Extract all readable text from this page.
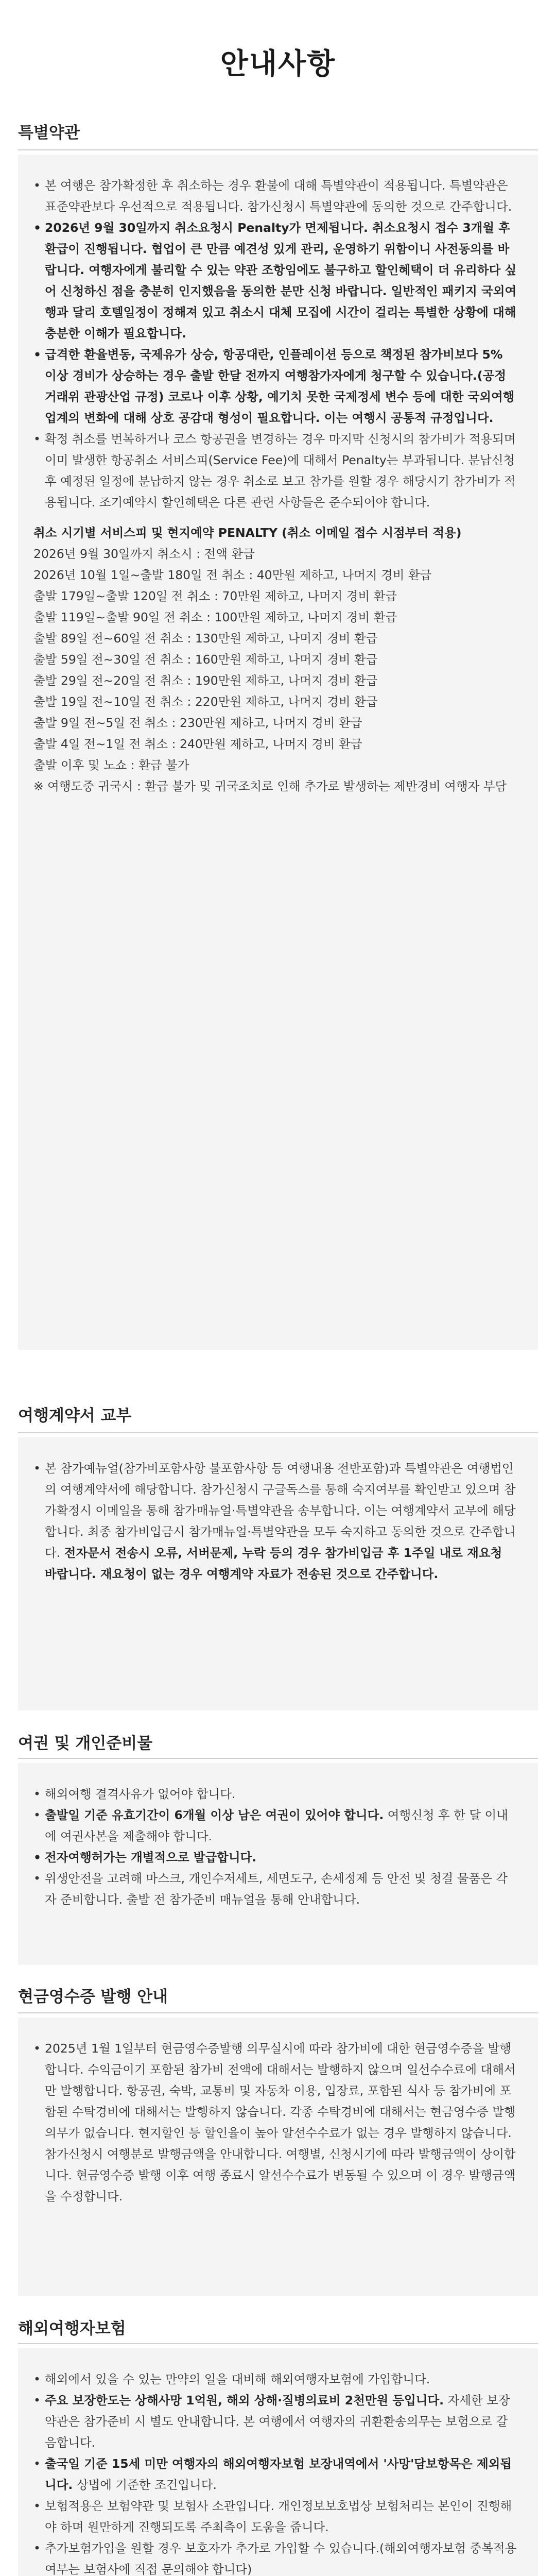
안내사항
특별약관
• 본 여행은 참가확정한 후 취소하는 경우 환불에 대해 특별약관이 적용됩니다. 특별약관은 표준약관보다 우선적으로 적용됩니다. 참가신청시 특별약관에 동의한 것으로 간주합니다.
• 2026년 9월 30일까지 취소요청시 Penalty가 면제됩니다. 취소요청시 접수 3개월 후 환급이 진행됩니다. 협업이 큰 만큼 예견성 있게 관리, 운영하기 위함이니 사전동의를 바랍니다. 여행자에게 불리할 수 있는 약관 조항임에도 불구하고 할인혜택이 더 유리하다 싶어 신청하신 점을 충분히 인지했음을 동의한 분만 신청 바랍니다. 일반적인 패키지 국외여행과 달리 호텔일정이 정해져 있고 취소시 대체 모집에 시간이 걸리는 특별한 상황에 대해 충분한 이해가 필요합니다.
• 급격한 환율변동, 국제유가 상승, 항공대란, 인플레이션 등으로 책정된 참가비보다 5% 이상 경비가 상승하는 경우 출발 한달 전까지 여행참가자에게 청구할 수 있습니다.(공정거래위 관광산업 규정) 코로나 이후 상황, 예기치 못한 국제정세 변수 등에 대한 국외여행업계의 변화에 대해 상호 공감대 형성이 필요합니다. 이는 여행시 공통적 규정입니다.
• 확정 취소를 번복하거나 코스 항공권을 변경하는 경우 마지막 신청시의 참가비가 적용되며 이미 발생한 항공취소 서비스피(Service Fee)에 대해서 Penalty는 부과됩니다. 분납신청 후 예정된 일정에 분납하지 않는 경우 취소로 보고 참가를 원할 경우 해당시기 참가비가 적용됩니다. 조기예약시 할인혜택은 다른 관련 사항들은 준수되어야 합니다.
취소 시기별 서비스피 및 현지예약 PENALTY (취소 이메일 접수 시점부터 적용)
2026년 9월 30일까지 취소시 : 전액 환급
2026년 10월 1일~출발 180일 전 취소 : 40만원 제하고, 나머지 경비 환급
출발 179일~출발 120일 전 취소 : 70만원 제하고, 나머지 경비 환급
출발 119일~출발 90일 전 취소 : 100만원 제하고, 나머지 경비 환급
출발 89일 전~60일 전 취소 : 130만원 제하고, 나머지 경비 환급
출발 59일 전~30일 전 취소 : 160만원 제하고, 나머지 경비 환급
출발 29일 전~20일 전 취소 : 190만원 제하고, 나머지 경비 환급
출발 19일 전~10일 전 취소 : 220만원 제하고, 나머지 경비 환급
출발 9일 전~5일 전 취소 : 230만원 제하고, 나머지 경비 환급
출발 4일 전~1일 전 취소 : 240만원 제하고, 나머지 경비 환급
출발 이후 및 노쇼 : 환급 불가
※ 여행도중 귀국시 : 환급 불가 및 귀국조치로 인해 추가로 발생하는 제반경비 여행자 부담
여행계약서 교부
• 본 참가예뉴얼(참가비포함사항 불포함사항 등 여행내용 전반포함)과 특별약관은 여행법인의 여행계약서에 해당합니다. 참가신청시 구글독스를 통해 숙지여부를 확인받고 있으며 참가확정시 이메일을 통해 참가매뉴얼·특별약관을 송부합니다. 이는 여행계약서 교부에 해당합니다. 최종 참가비입금시 참가매뉴얼·특별약관을 모두 숙지하고 동의한 것으로 간주합니다. 전자문서 전송시 오류, 서버문제, 누락 등의 경우 참가비입금 후 1주일 내로 재요청 바랍니다. 재요청이 없는 경우 여행계약 자료가 전송된 것으로 간주합니다.
여권 및 개인준비물
• 해외여행 결격사유가 없어야 합니다.
• 출발일 기준 유효기간이 6개월 이상 남은 여권이 있어야 합니다. 여행신청 후 한 달 이내에 여권사본을 제출해야 합니다.
• 전자여행허가는 개별적으로 발급합니다.
• 위생안전을 고려해 마스크, 개인수저세트, 세면도구, 손세정제 등 안전 및 청결 물품은 각자 준비합니다. 출발 전 참가준비 매뉴얼을 통해 안내합니다.
현금영수증 발행 안내
• 2025년 1월 1일부터 현금영수증발행 의무실시에 따라 참가비에 대한 현금영수증을 발행합니다. 수익금이기 포함된 참가비 전액에 대해서는 발행하지 않으며 일선수수료에 대해서만 발행합니다. 항공권, 숙박, 교통비 및 자동차 이용, 입장료, 포함된 식사 등 참가비에 포함된 수탁경비에 대해서는 발행하지 않습니다. 각종 수탁경비에 대해서는 현금영수증 발행 의무가 없습니다. 현지할인 등 할인율이 높아 알선수수료가 없는 경우 발행하지 않습니다. 참가신청시 여행분로 발행금액을 안내합니다. 여행별, 신청시기에 따라 발행금액이 상이합니다. 현금영수증 발행 이후 여행 종료시 알선수수료가 변동될 수 있으며 이 경우 발행금액을 수정합니다.
해외여행자보험
• 해외에서 있을 수 있는 만약의 일을 대비해 해외여행자보험에 가입합니다.
• 주요 보장한도는 상해사망 1억원, 해외 상해·질병의료비 2천만원 등입니다. 자세한 보장약관은 참가준비 시 별도 안내합니다. 본 여행에서 여행자의 귀환환송의무는 보험으로 갈음합니다.
• 출국일 기준 15세 미만 여행자의 해외여행자보험 보장내역에서 '사망'담보항목은 제외됩니다. 상법에 기준한 조건입니다.
• 보험적용은 보험약관 및 보험사 소관입니다. 개인정보보호법상 보험처리는 본인이 진행해야 하며 원만하게 진행되도록 주최측이 도움을 줍니다.
• 추가보험가입을 원할 경우 보호자가 추가로 가입할 수 있습니다.(해외여행자보험 중복적용 여부는 보험사에 직접 문의해야 합니다)
